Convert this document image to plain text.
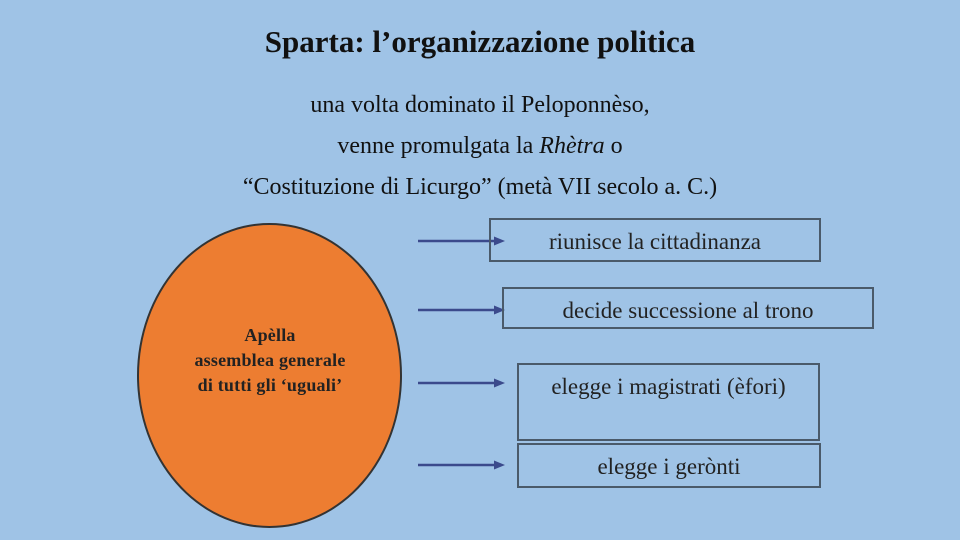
Sparta: l’organizzazione politica
una volta dominato il Peloponnèso,
venne promulgata la Rhètra o
“Costituzione di Licurgo” (metà VII secolo a. C.)
Apèlla
assemblea generale
di tutti gli ‘uguali’
riunisce la cittadinanza
decide successione al trono
elegge i magistrati (èfori)
elegge i gerònti
